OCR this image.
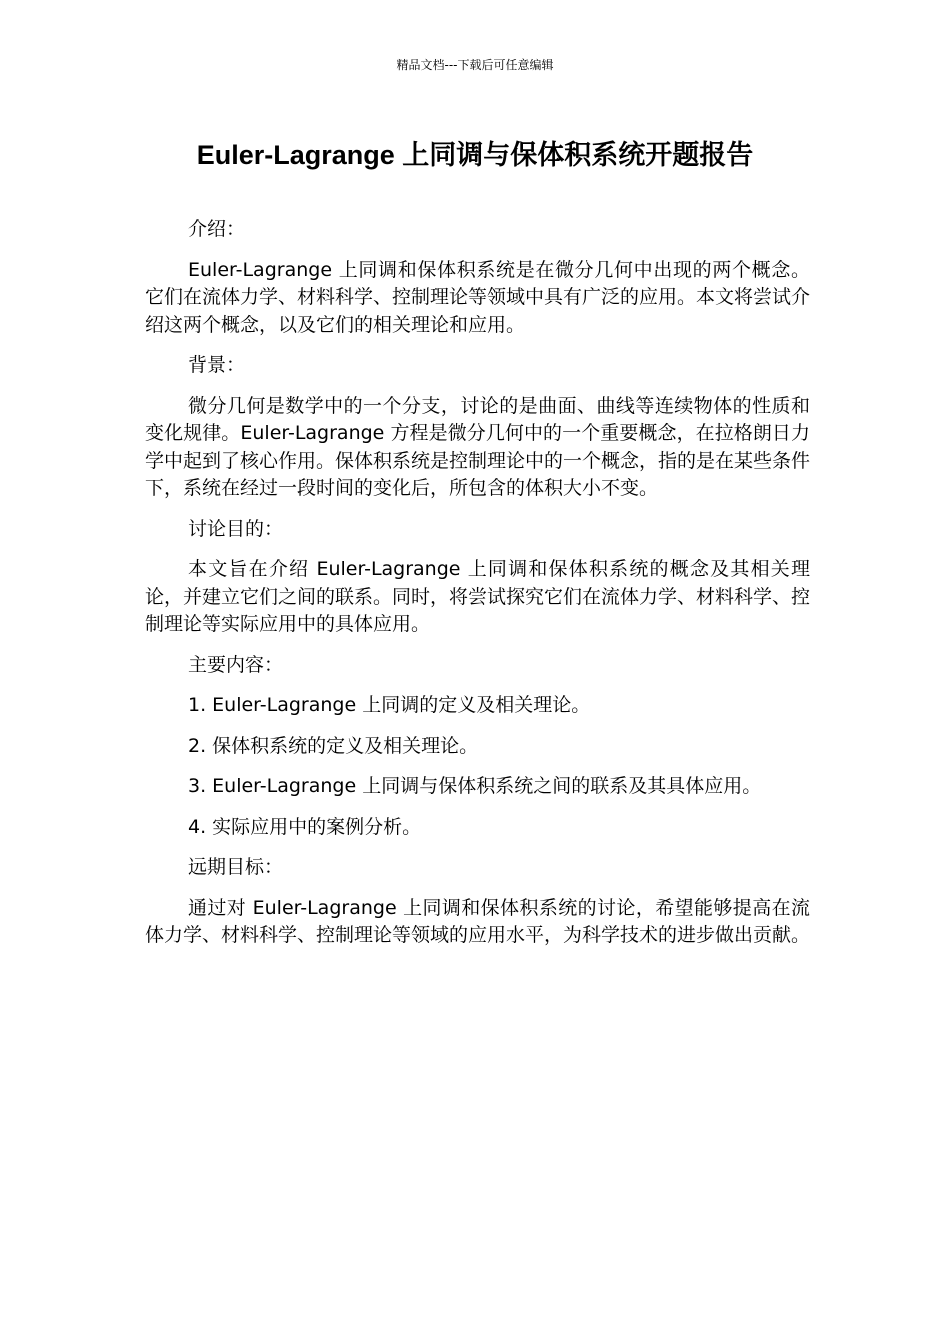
精品文档---下载后可任意编辑
Euler-Lagrange 上同调与保体积系统开题报告

介绍：

Euler-Lagrange 上同调和保体积系统是在微分几何中出现的两个概念。它们在流体力学、材料科学、控制理论等领域中具有广泛的应用。本文将尝试介绍这两个概念，以及它们的相关理论和应用。

背景：

微分几何是数学中的一个分支，讨论的是曲面、曲线等连续物体的性质和变化规律。Euler-Lagrange 方程是微分几何中的一个重要概念，在拉格朗日力学中起到了核心作用。保体积系统是控制理论中的一个概念，指的是在某些条件下，系统在经过一段时间的变化后，所包含的体积大小不变。

讨论目的：

本文旨在介绍 Euler-Lagrange 上同调和保体积系统的概念及其相关理论，并建立它们之间的联系。同时，将尝试探究它们在流体力学、材料科学、控制理论等实际应用中的具体应用。

主要内容：

1. Euler-Lagrange 上同调的定义及相关理论。

2. 保体积系统的定义及相关理论。

3. Euler-Lagrange 上同调与保体积系统之间的联系及其具体应用。

4. 实际应用中的案例分析。

远期目标：

通过对 Euler-Lagrange 上同调和保体积系统的讨论，希望能够提高在流体力学、材料科学、控制理论等领域的应用水平，为科学技术的进步做出贡献。
